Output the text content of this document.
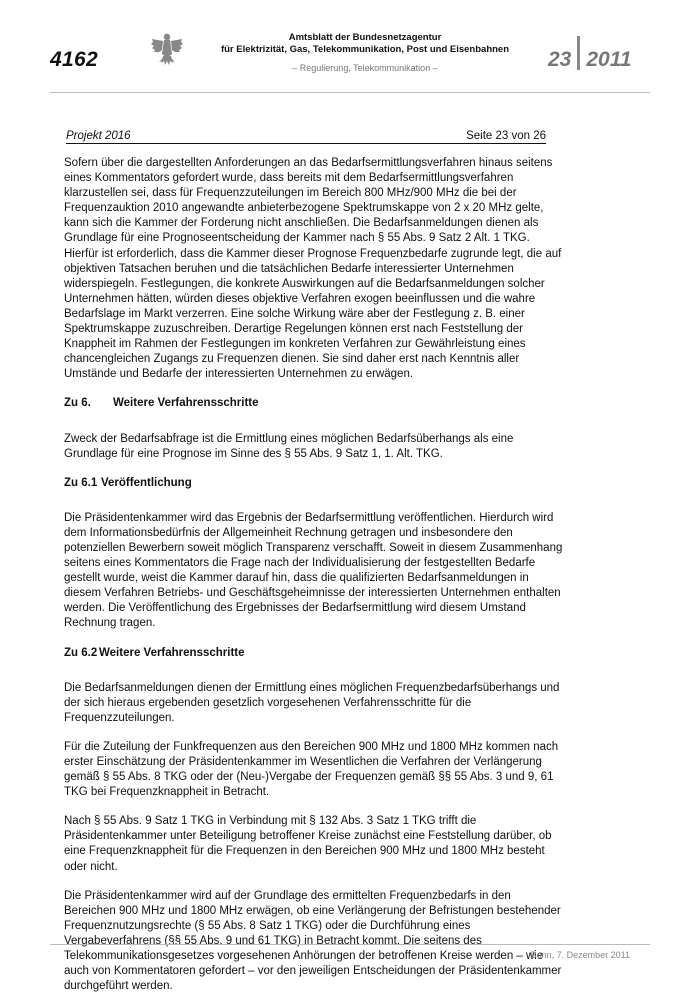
4162
Amtsblatt der Bundesnetzagentur
für Elektrizität, Gas, Telekommunikation, Post und Eisenbahnen
– Regulierung, Telekommunikation –	23 2011
Projekt 2016	Seite 23 von 26

Sofern über die dargestellten Anforderungen an das Bedarfsermittlungsverfahren hinaus seitens eines Kommentators gefordert wurde, dass bereits mit dem Bedarfsermittlungsverfahren klarzustellen sei, dass für Frequenzzuteilungen im Bereich 800 MHz/900 MHz die bei der Frequenzauktion 2010 angewandte anbieterbezogene Spektrumskappe von 2 x 20 MHz gelte, kann sich die Kammer der Forderung nicht anschließen. Die Bedarfsanmeldungen dienen als Grundlage für eine Prognoseentscheidung der Kammer nach § 55 Abs. 9 Satz 2 Alt. 1 TKG. Hierfür ist erforderlich, dass die Kammer dieser Prognose Frequenzbedarfe zugrunde legt, die auf objektiven Tatsachen beruhen und die tatsächlichen Bedarfe interessierter Unternehmen widerspiegeln. Festlegungen, die konkrete Auswirkungen auf die Bedarfsanmeldungen solcher Unternehmen hätten, würden dieses objektive Verfahren exogen beeinflussen und die wahre Bedarfslage im Markt verzerren. Eine solche Wirkung wäre aber der Festlegung z. B. einer Spektrumskappe zuzuschreiben. Derartige Regelungen können erst nach Feststellung der Knappheit im Rahmen der Festlegungen im konkreten Verfahren zur Gewährleistung eines chancengleichen Zugangs zu Frequenzen dienen. Sie sind daher erst nach Kenntnis aller Umstände und Bedarfe der interessierten Unternehmen zu erwägen.

Zu 6. Weitere Verfahrensschritte

Zweck der Bedarfsabfrage ist die Ermittlung eines möglichen Bedarfsüberhangs als eine Grundlage für eine Prognose im Sinne des § 55 Abs. 9 Satz 1, 1. Alt. TKG.

Zu 6.1 Veröffentlichung

Die Präsidentenkammer wird das Ergebnis der Bedarfsermittlung veröffentlichen. Hierdurch wird dem Informationsbedürfnis der Allgemeinheit Rechnung getragen und insbesondere den potenziellen Bewerbern soweit möglich Transparenz verschafft. Soweit in diesem Zusammenhang seitens eines Kommentators die Frage nach der Individualisierung der festgestellten Bedarfe gestellt wurde, weist die Kammer darauf hin, dass die qualifizierten Bedarfsanmeldungen in diesem Verfahren Betriebs- und Geschäftsgeheimnisse der interessierten Unternehmen enthalten werden. Die Veröffentlichung des Ergebnisses der Bedarfsermittlung wird diesem Umstand Rechnung tragen.

Zu 6.2 Weitere Verfahrensschritte

Die Bedarfsanmeldungen dienen der Ermittlung eines möglichen Frequenzbedarfsüberhangs und der sich hieraus ergebenden gesetzlich vorgesehenen Verfahrensschritte für die Frequenzzuteilungen.

Für die Zuteilung der Funkfrequenzen aus den Bereichen 900 MHz und 1800 MHz kommen nach erster Einschätzung der Präsidentenkammer im Wesentlichen die Verfahren der Verlängerung gemäß § 55 Abs. 8 TKG oder der (Neu-)Vergabe der Frequenzen gemäß §§ 55 Abs. 3 und 9, 61 TKG bei Frequenzknappheit in Betracht.

Nach § 55 Abs. 9 Satz 1 TKG in Verbindung mit § 132 Abs. 3 Satz 1 TKG trifft die Präsidentenkammer unter Beteiligung betroffener Kreise zunächst eine Feststellung darüber, ob eine Frequenzknappheit für die Frequenzen in den Bereichen 900 MHz und 1800 MHz besteht oder nicht.

Die Präsidentenkammer wird auf der Grundlage des ermittelten Frequenzbedarfs in den Bereichen 900 MHz und 1800 MHz erwägen, ob eine Verlängerung der Befristungen bestehender Frequenznutzungsrechte (§ 55 Abs. 8 Satz 1 TKG) oder die Durchführung eines Vergabeverfahrens (§§ 55 Abs. 9 und 61 TKG) in Betracht kommt. Die seitens des Telekommunikationsgesetzes vorgesehenen Anhörungen der betroffenen Kreise werden – wie auch von Kommentatoren gefordert – vor den jeweiligen Entscheidungen der Präsidentenkammer durchgeführt werden.

Bonn, 7. Dezember 2011
